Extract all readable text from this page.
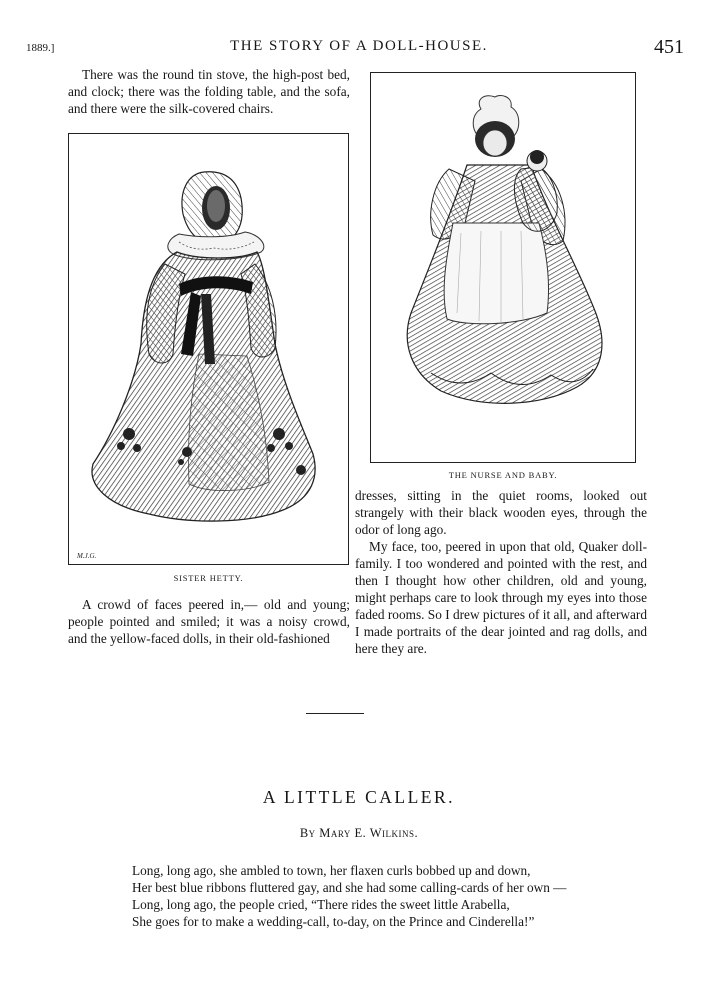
1889.]	THE STORY OF A DOLL-HOUSE.	451

There was the round tin stove, the high-post bed, and clock; there was the folding table, and the sofa, and there were the silk-covered chairs.

M.J.G.
SISTER HETTY.
THE NURSE AND BABY.

A crowd of faces peered in,— old and young; people pointed and smiled; it was a noisy crowd, and the yellow-faced dolls, in their old-fashioned

dresses, sitting in the quiet rooms, looked out strangely with their black wooden eyes, through the odor of long ago.

My face, too, peered in upon that old, Quaker doll-family. I too wondered and pointed with the rest, and then I thought how other children, old and young, might perhaps care to look through my eyes into those faded rooms. So I drew pictures of it all, and afterward I made portraits of the dear jointed and rag dolls, and here they are.

A LITTLE CALLER.
By Mary E. Wilkins.
Long, long ago, she ambled to town, her flaxen curls bobbed up and down,
Her best blue ribbons fluttered gay, and she had some calling-cards of her own —
Long, long ago, the people cried, “There rides the sweet little Arabella,
She goes for to make a wedding-call, to-day, on the Prince and Cinderella!”
